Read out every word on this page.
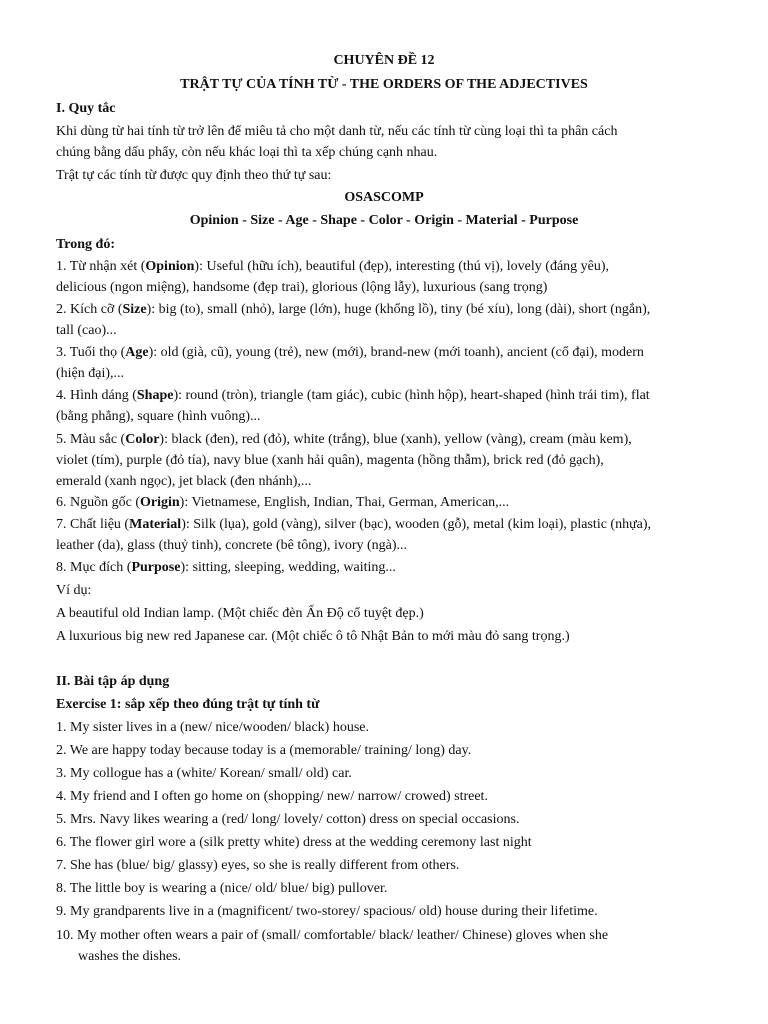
CHUYÊN ĐỀ 12
TRẬT TỰ CỦA TÍNH TỪ - THE ORDERS OF THE ADJECTIVES
I. Quy tắc
Khi dùng từ hai tính từ trở lên để miêu tả cho một danh từ, nếu các tính từ cùng loại thì ta phân cách
chúng bằng dấu phẩy, còn nếu khác loại thì ta xếp chúng cạnh nhau.
Trật tự các tính từ được quy định theo thứ tự sau:
OSASCOMP
Opinion - Size - Age - Shape - Color - Origin - Material - Purpose
Trong đó:
1. Từ nhận xét (Opinion): Useful (hữu ích), beautiful (đẹp), interesting (thú vị), lovely (đáng yêu),
delicious (ngon miệng), handsome (đẹp trai), glorious (lộng lẫy), luxurious (sang trọng)
2. Kích cỡ (Size): big (to), small (nhỏ), large (lớn), huge (khổng lồ), tiny (bé xíu), long (dài), short (ngắn),
tall (cao)...
3. Tuổi thọ (Age): old (già, cũ), young (trẻ), new (mới), brand-new (mới toanh), ancient (cổ đại), modern
(hiện đại),...
4. Hình dáng (Shape): round (tròn), triangle (tam giác), cubic (hình hộp), heart-shaped (hình trái tim), flat
(bằng phẳng), square (hình vuông)...
5. Màu sắc (Color): black (đen), red (đỏ), white (trắng), blue (xanh), yellow (vàng), cream (màu kem),
violet (tím), purple (đỏ tía), navy blue (xanh hải quân), magenta (hồng thẫm), brick red (đỏ gạch),
emerald (xanh ngọc), jet black (đen nhánh),...
6. Nguồn gốc (Origin): Vietnamese, English, Indian, Thai, German, American,...
7. Chất liệu (Material): Silk (lụa), gold (vàng), silver (bạc), wooden (gỗ), metal (kim loại), plastic (nhựa),
leather (da), glass (thuỷ tinh), concrete (bê tông), ivory (ngà)...
8. Mục đích (Purpose): sitting, sleeping, wedding, waiting...
Ví dụ:
A beautiful old Indian lamp. (Một chiếc đèn Ấn Độ cổ tuyệt đẹp.)
A luxurious big new red Japanese car. (Một chiếc ô tô Nhật Bản to mới màu đỏ sang trọng.)
II. Bài tập áp dụng
Exercise 1: sắp xếp theo đúng trật tự tính từ
1. My sister lives in a (new/ nice/wooden/ black) house.
2. We are happy today because today is a (memorable/ training/ long) day.
3. My collogue has a (white/ Korean/ small/ old) car.
4. My friend and I often go home on (shopping/ new/ narrow/ crowed) street.
5. Mrs. Navy likes wearing a (red/ long/ lovely/ cotton) dress on special occasions.
6. The flower girl wore a (silk pretty white) dress at the wedding ceremony last night
7. She has (blue/ big/ glassy) eyes, so she is really different from others.
8. The little boy is wearing a (nice/ old/ blue/ big) pullover.
9. My grandparents live in a (magnificent/ two-storey/ spacious/ old) house during their lifetime.
10. My mother often wears a pair of (small/ comfortable/ black/ leather/ Chinese) gloves when she
washes the dishes.
